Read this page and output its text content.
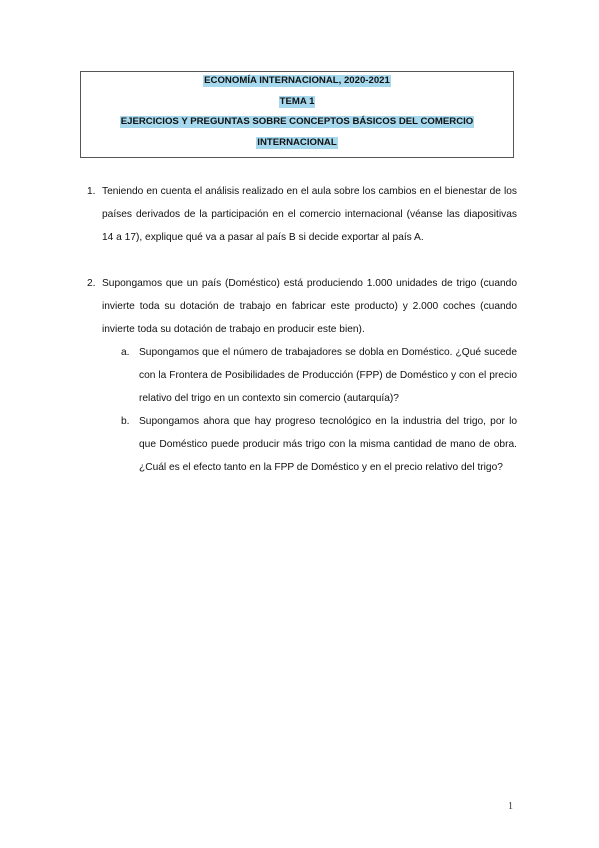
ECONOMÍA INTERNACIONAL, 2020-2021
TEMA 1
EJERCICIOS Y PREGUNTAS SOBRE CONCEPTOS BÁSICOS DEL COMERCIO
INTERNACIONAL
1. Teniendo en cuenta el análisis realizado en el aula sobre los cambios en el bienestar de los países derivados de la participación en el comercio internacional (véanse las diapositivas 14 a 17), explique qué va a pasar al país B si decide exportar al país A.
2. Supongamos que un país (Doméstico) está produciendo 1.000 unidades de trigo (cuando invierte toda su dotación de trabajo en fabricar este producto) y 2.000 coches (cuando invierte toda su dotación de trabajo en producir este bien).
a. Supongamos que el número de trabajadores se dobla en Doméstico. ¿Qué sucede con la Frontera de Posibilidades de Producción (FPP) de Doméstico y con el precio relativo del trigo en un contexto sin comercio (autarquía)?
b. Supongamos ahora que hay progreso tecnológico en la industria del trigo, por lo que Doméstico puede producir más trigo con la misma cantidad de mano de obra. ¿Cuál es el efecto tanto en la FPP de Doméstico y en el precio relativo del trigo?
1
